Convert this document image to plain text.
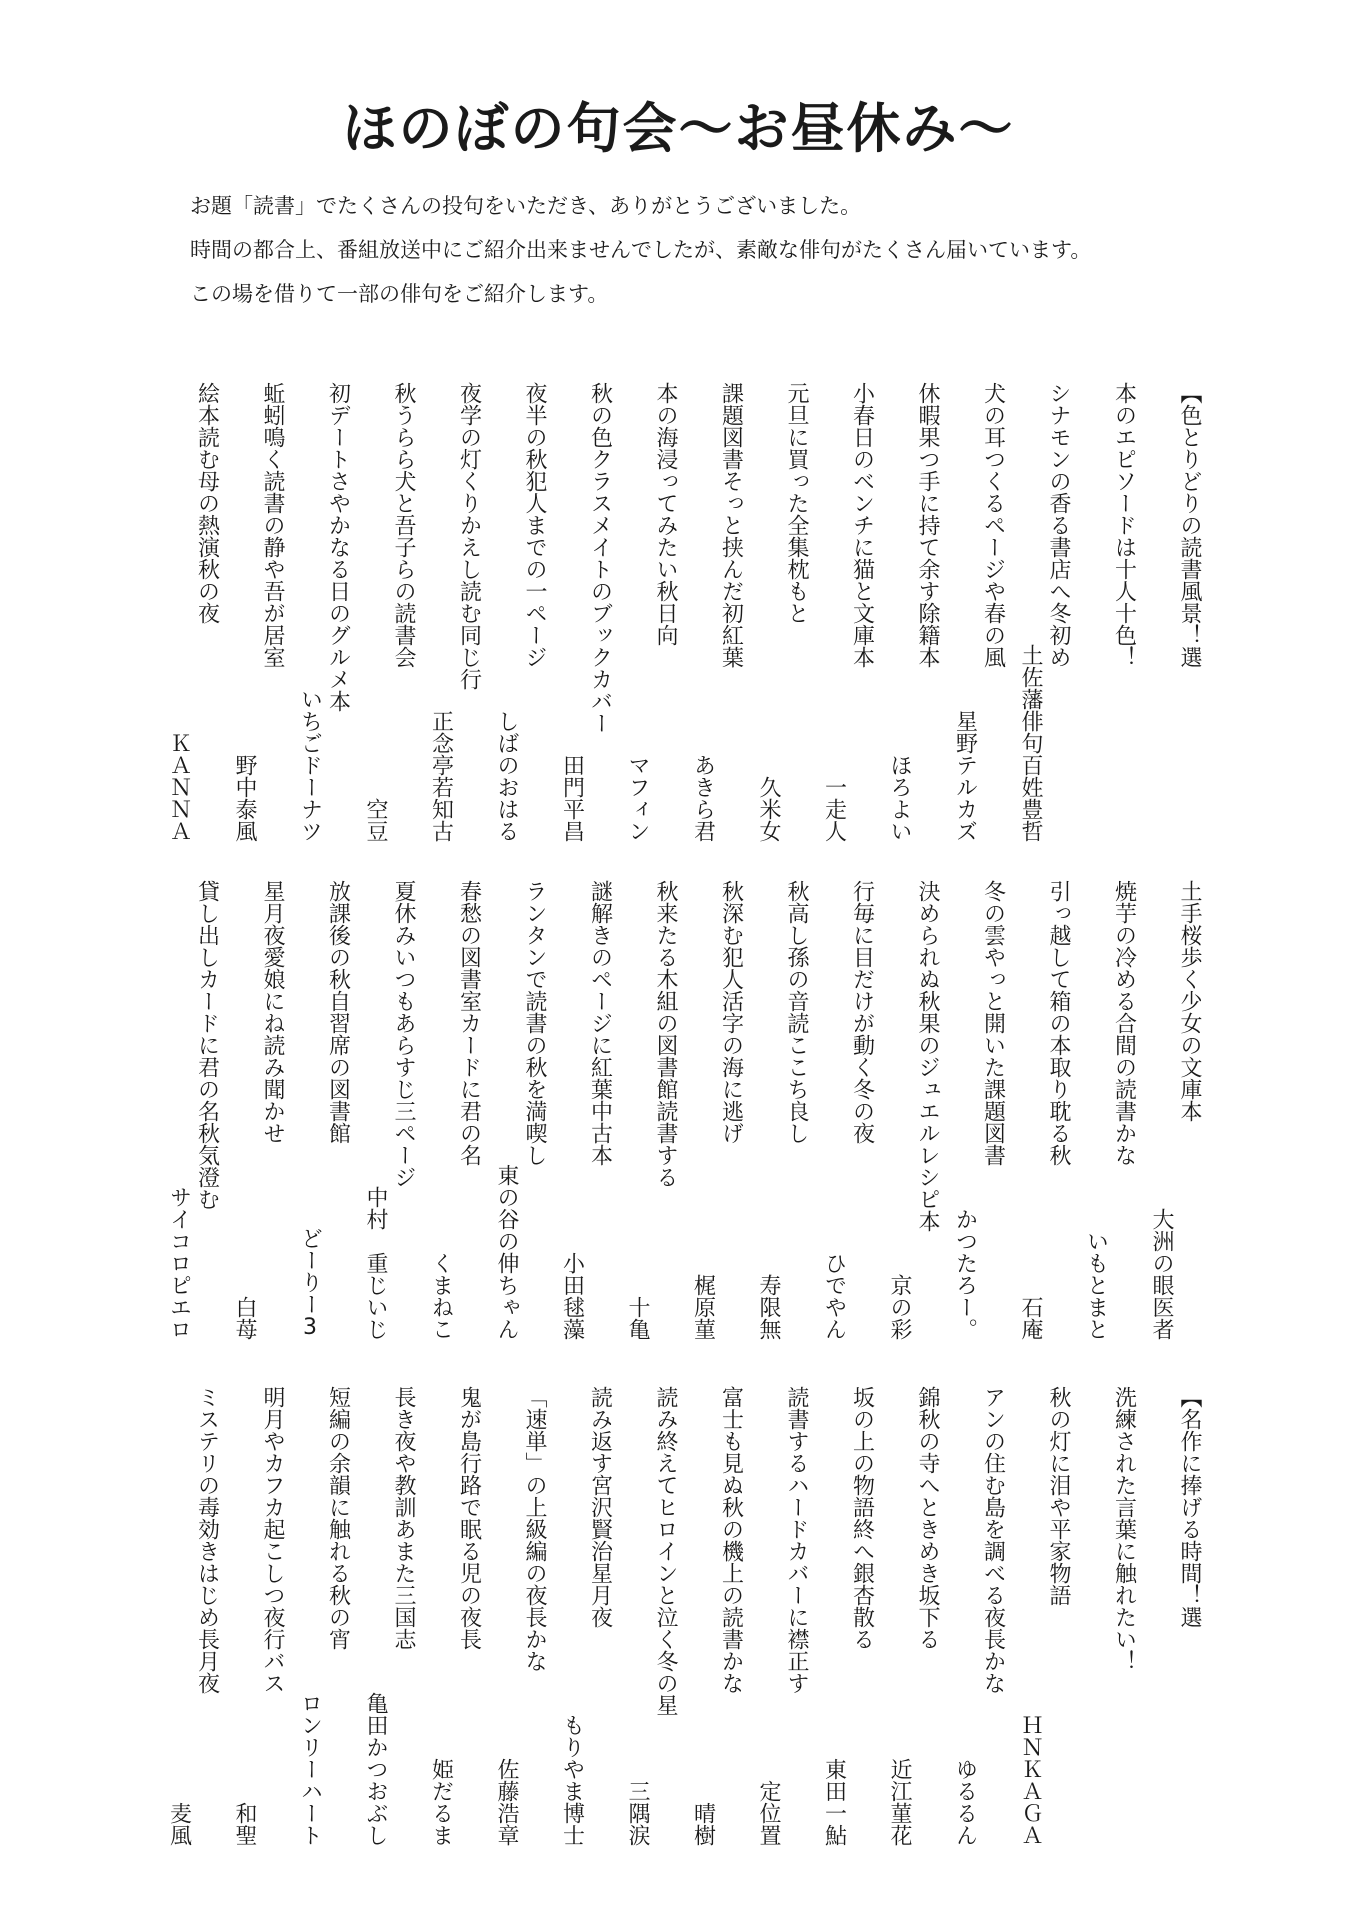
ほのぼの句会〜お昼休み〜
お題「読書」でたくさんの投句をいただき、ありがとうございました。
時間の都合上、番組放送中にご紹介出来ませんでしたが、素敵な俳句がたくさん届いています。
この場を借りて一部の俳句をご紹介します。
【色とりどりの読書風景！選
本のエピソードは十人十色！
シナモンの香る書店へ冬初め
土佐藩俳句百姓豊哲
犬の耳つくるページや春の風
星野テルカズ
休暇果つ手に持て余す除籍本
ほろよい
小春日のベンチに猫と文庫本
一走人
元旦に買った全集枕もと
久米女
課題図書そっと挟んだ初紅葉
あきら君
本の海浸ってみたい秋日向
マフィン
秋の色クラスメイトのブックカバー
田門平昌
夜半の秋犯人までの一ページ
しばのおはる
夜学の灯くりかえし読む同じ行
正念亭若知古
秋うらら犬と吾子らの読書会
空豆
初デートさやかなる日のグルメ本
いちごドーナツ
蚯蚓鳴く読書の静や吾が居室
野中泰風
絵本読む母の熱演秋の夜
ＫＡＮＮＡ
土手桜歩く少女の文庫本
大洲の眼医者
焼芋の冷める合間の読書かな
いもとまと
引っ越して箱の本取り耽る秋
石庵
冬の雲やっと開いた課題図書
かつたろー。
決められぬ秋果のジュエルレシピ本
京の彩
行毎に目だけが動く冬の夜
ひでやん
秋高し孫の音読ここち良し
寿限無
秋深む犯人活字の海に逃げ
梶原菫
秋来たる木組の図書館読書する
十亀
謎解きのページに紅葉中古本
小田毬藻
ランタンで読書の秋を満喫し
東の谷の伸ちゃん
春愁の図書室カードに君の名
くまねこ
夏休みいつもあらすじ三ページ
中村　重じいじ
放課後の秋自習席の図書館
どーりー3
星月夜愛娘にね読み聞かせ
白苺
貸し出しカードに君の名秋気澄む
サイコロピエロ
【名作に捧げる時間！選
洗練された言葉に触れたい！
秋の灯に泪や平家物語
ＨＮＫＡＧＡ
アンの住む島を調べる夜長かな
ゆるるん
錦秋の寺へときめき坂下る
近江菫花
坂の上の物語終へ銀杏散る
東田一鮎
読書するハードカバーに襟正す
定位置
富士も見ぬ秋の機上の読書かな
晴樹
読み終えてヒロインと泣く冬の星
三隅涙
読み返す宮沢賢治星月夜
もりやま博士
「速単」の上級編の夜長かな
佐藤浩章
鬼が島行路で眠る児の夜長
姫だるま
長き夜や教訓あまた三国志
亀田かつおぶし
短編の余韻に触れる秋の宵
ロンリーハート
明月やカフカ起こしつ夜行バス
和聖
ミステリの毒効きはじめ長月夜
麦風
